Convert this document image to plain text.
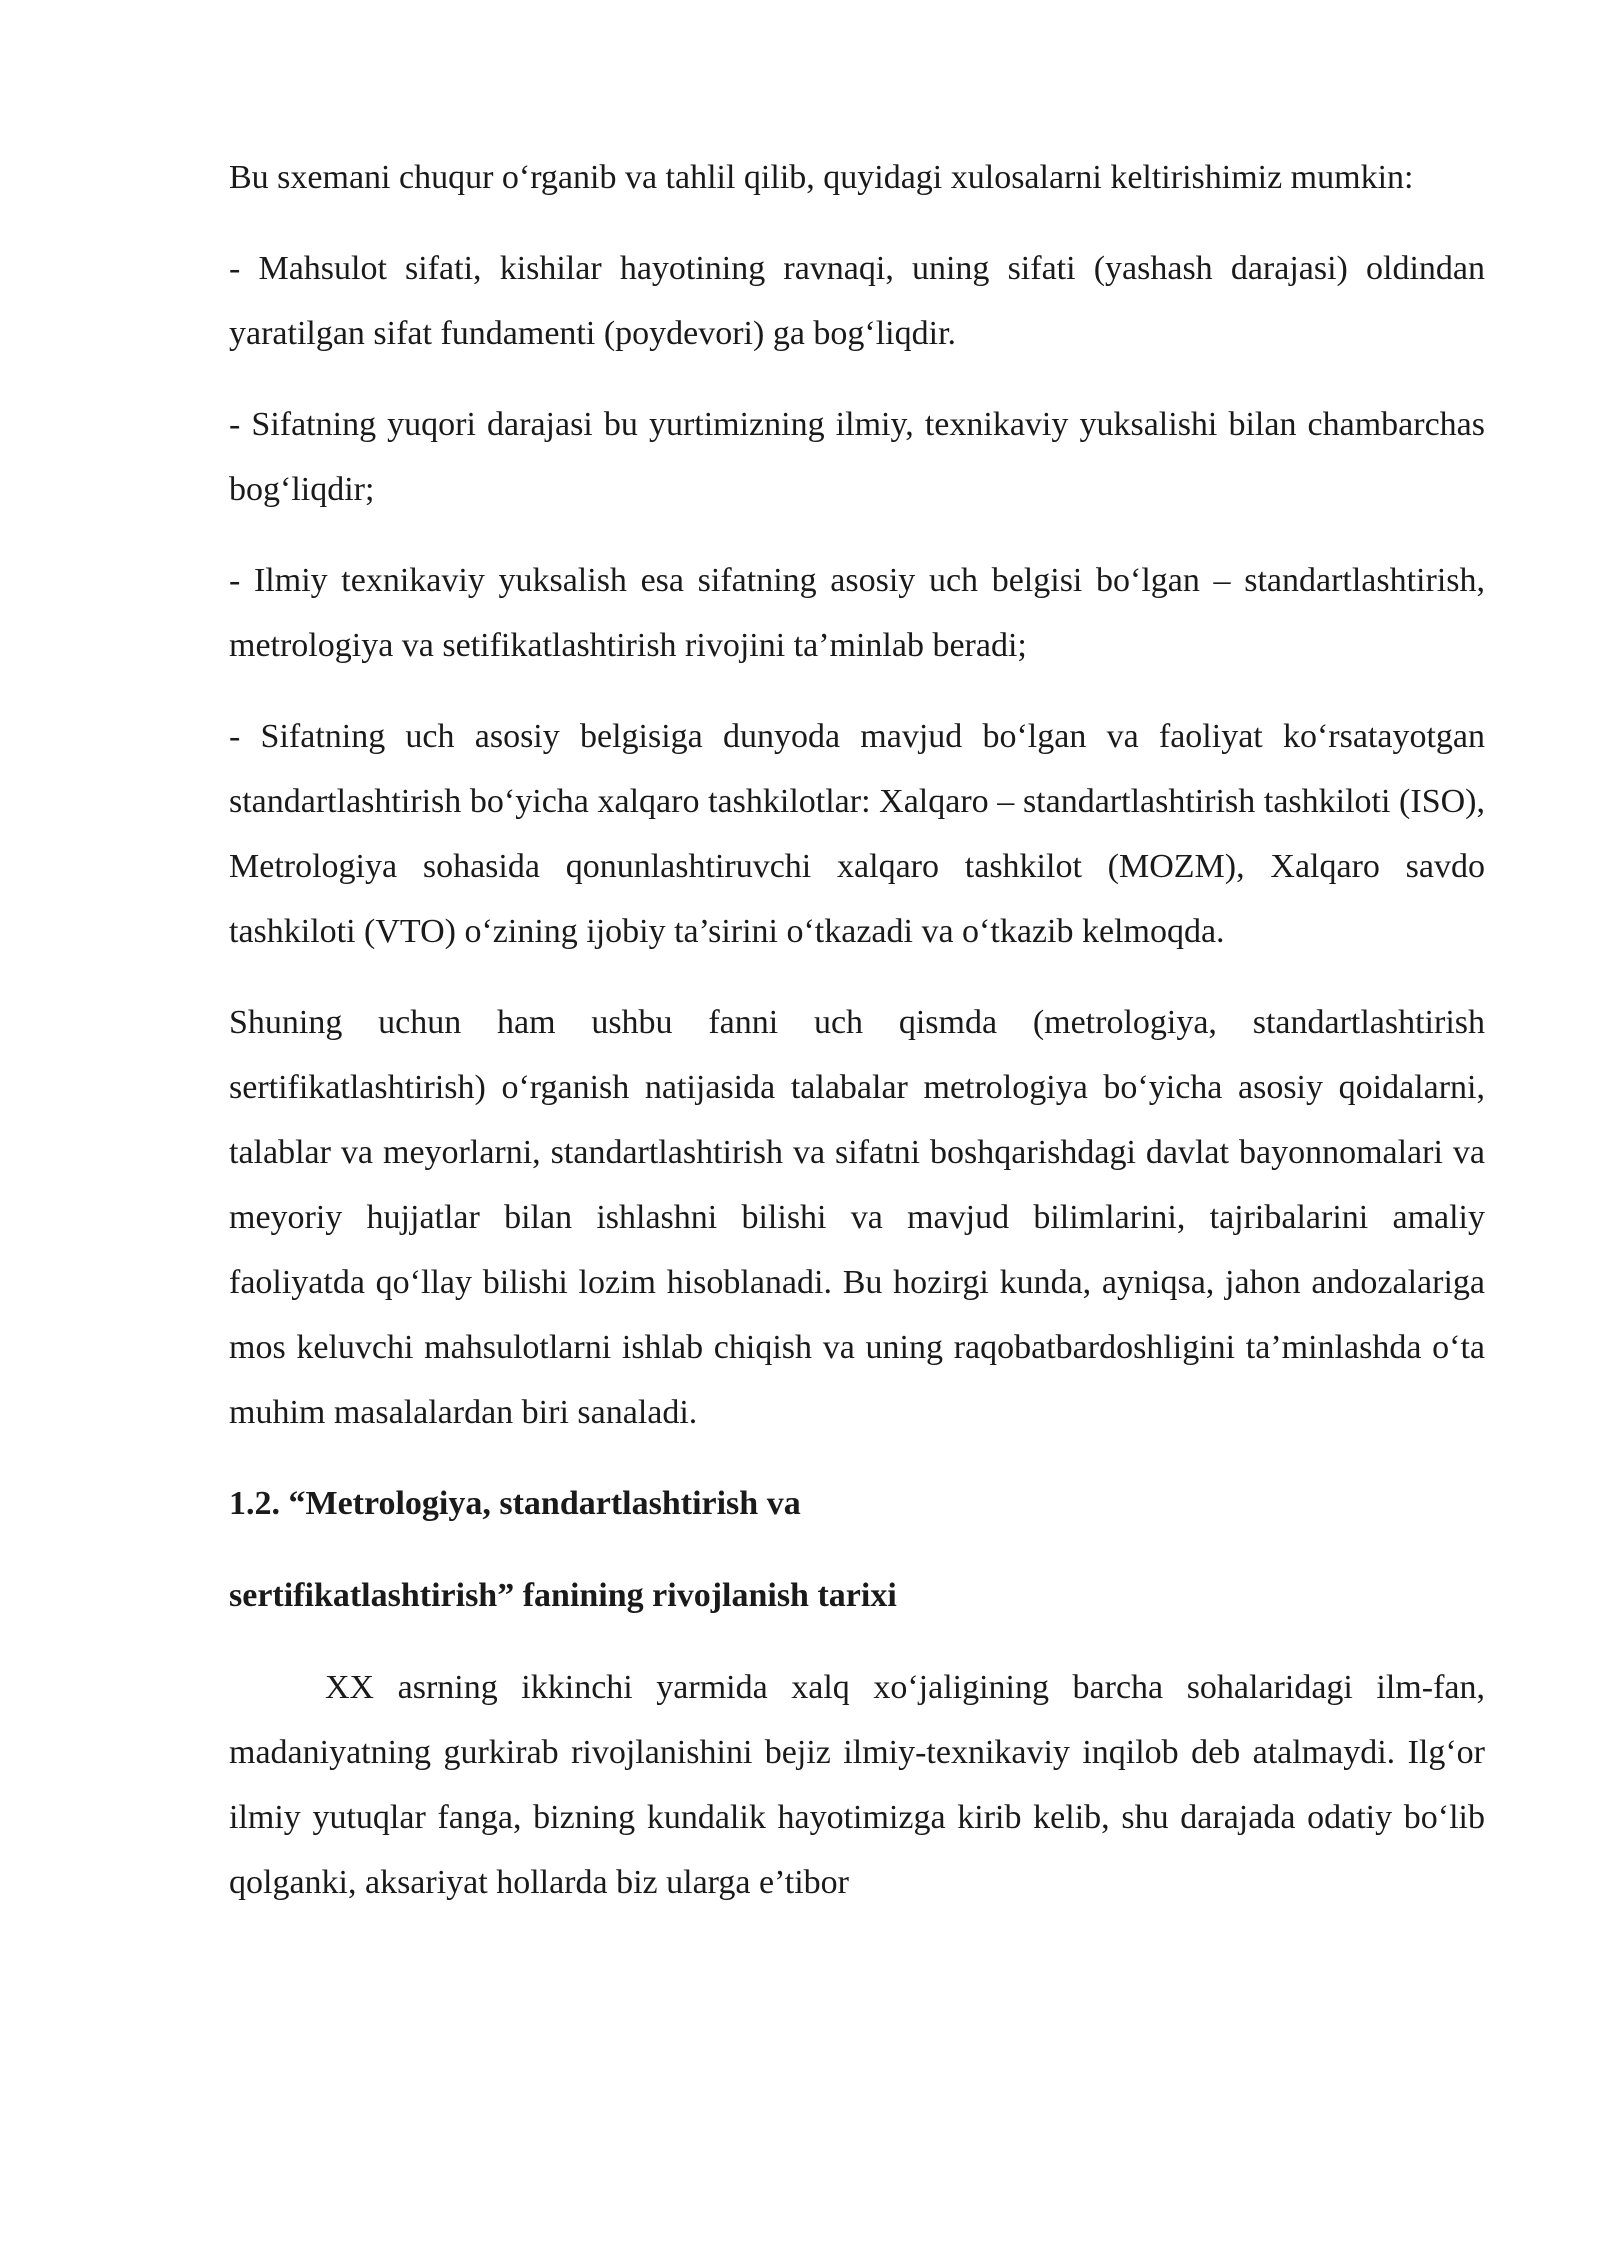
Bu sxemani chuqur o‘rganib va tahlil qilib, quyidagi xulosalarni keltirishimiz mumkin:

- Mahsulot sifati, kishilar hayotining ravnaqi, uning sifati (yashash darajasi) oldindan yaratilgan sifat fundamenti (poydevori) ga bog‘liqdir.

- Sifatning yuqori darajasi bu yurtimizning ilmiy, texnikaviy yuksalishi bilan chambarchas bog‘liqdir;

- Ilmiy texnikaviy yuksalish esa sifatning asosiy uch belgisi bo‘lgan – standartlashtirish, metrologiya va setifikatlashtirish rivojini ta’minlab beradi;

- Sifatning uch asosiy belgisiga dunyoda mavjud bo‘lgan va faoliyat ko‘rsatayotgan standartlashtirish bo‘yicha xalqaro tashkilotlar: Xalqaro – standartlashtirish tashkiloti (ISO), Metrologiya sohasida qonunlashtiruvchi xalqaro tashkilot (MOZM), Xalqaro savdo tashkiloti (VTO) o‘zining ijobiy ta’sirini o‘tkazadi va o‘tkazib kelmoqda.

Shuning uchun ham ushbu fanni uch qismda (metrologiya, standartlashtirish sertifikatlashtirish) o‘rganish natijasida talabalar metrologiya bo‘yicha asosiy qoidalarni, talablar va meyorlarni, standartlashtirish va sifatni boshqarishdagi davlat bayonnomalari va meyoriy hujjatlar bilan ishlashni bilishi va mavjud bilimlarini, tajribalarini amaliy faoliyatda qo‘llay bilishi lozim hisoblanadi. Bu hozirgi kunda, ayniqsa, jahon andozalariga mos keluvchi mahsulotlarni ishlab chiqish va uning raqobatbardoshligini ta’minlashda o‘ta muhim masalalardan biri sanaladi.

1.2. “Metrologiya, standartlashtirish va
sertifikatlashtirish” fanining rivojlanish tarixi

XX asrning ikkinchi yarmida xalq xo‘jaligining barcha sohalaridagi ilm-fan, madaniyatning gurkirab rivojlanishini bejiz ilmiy-texnikaviy inqilob deb atalmaydi. Ilg‘or ilmiy yutuqlar fanga, bizning kundalik hayotimizga kirib kelib, shu darajada odatiy bo‘lib qolganki, aksariyat hollarda biz ularga e’tibor
